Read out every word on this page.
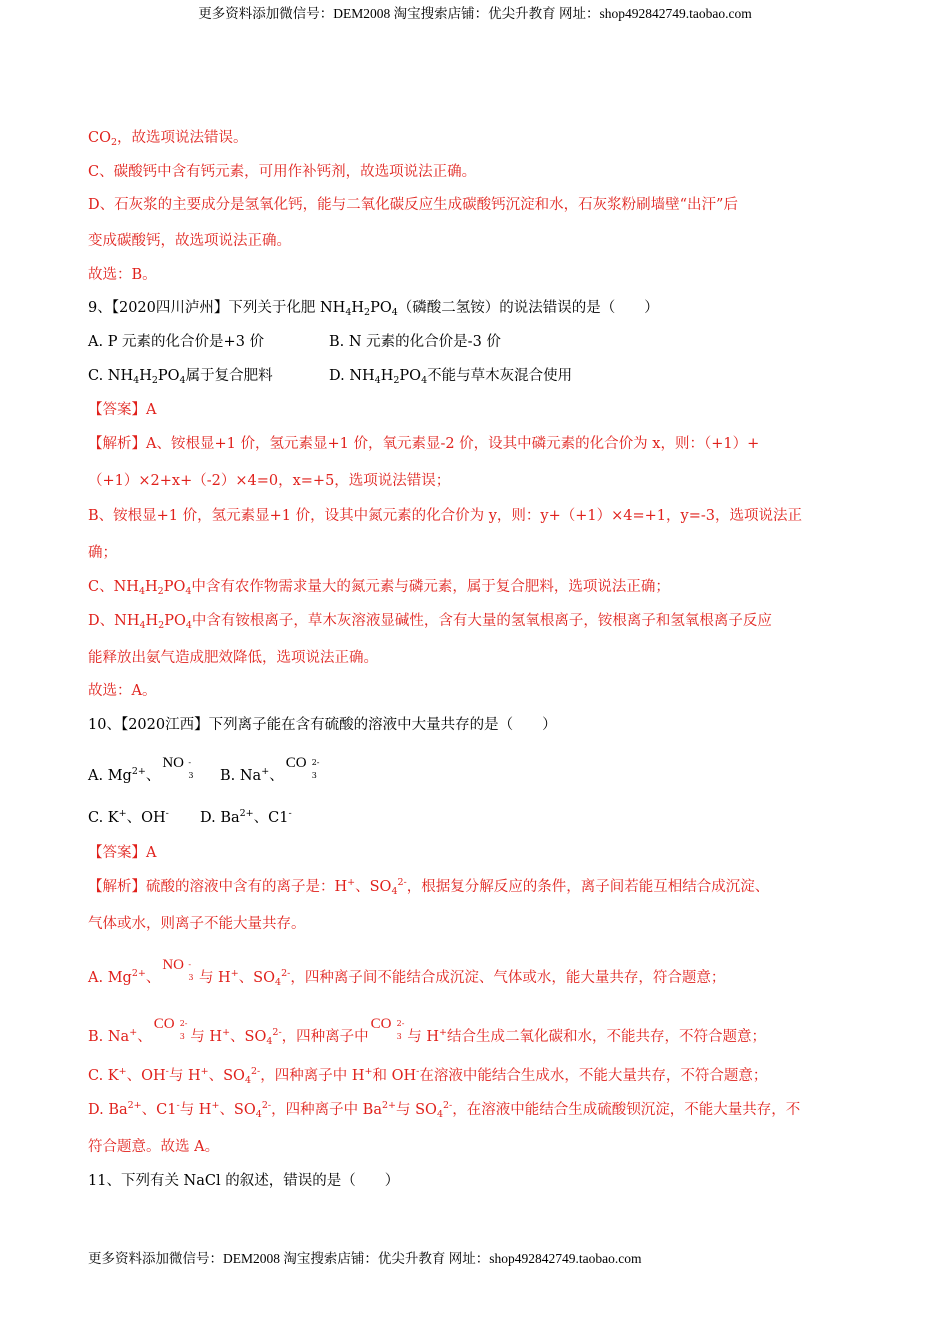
更多资料添加微信号：DEM2008 淘宝搜索店铺：优尖升教育 网址：shop492842749.taobao.com
$CO_2$，故选项说法错误。
C、碳酸钙中含有钙元素，可用作补钙剂，故选项说法正确。
D、石灰浆的主要成分是氢氧化钙，能与二氧化碳反应生成碳酸钙沉淀和水，石灰浆粉刷墙壁“出汗”后
变成碳酸钙，故选项说法正确。
故选：B。
9、【2020四川泸州】下列关于化肥 $NH_4H_2PO_4$（磷酸二氢铵）的说法错误的是（　　）
A. P 元素的化合价是+3 价	B. N 元素的化合价是-3 价
C. $NH_4H_2PO_4$属于复合肥料	D. $NH_4H_2PO_4$不能与草木灰混合使用
【答案】A
【解析】A、铵根显+1 价，氢元素显+1 价，氧元素显-2 价，设其中磷元素的化合价为 x，则：（+1）+
（+1）×2+x+（-2）×4=0，x=+5，选项说法错误；
B、铵根显+1 价，氢元素显+1 价，设其中氮元素的化合价为 y，则：y+（+1）×4=+1，y=-3，选项说法正
确；
C、$NH_4H_2PO_4$中含有农作物需求量大的氮元素与磷元素，属于复合肥料，选项说法正确；
D、$NH_4H_2PO_4$中含有铵根离子，草木灰溶液显碱性，含有大量的氢氧根离子，铵根离子和氢氧根离子反应
能释放出氨气造成肥效降低，选项说法正确。
故选：A。
10、【2020江西】下列离子能在含有硫酸的溶液中大量共存的是（　　）
A. $Mg^{2+}$、
NO -
3 B. Na+、
CO 2-
3
C. K+、OH- D. $Ba^{2+}$、C1-
【答案】A
【解析】硫酸的溶液中含有的离子是：H+、$SO_4^{2-}$，根据复分解反应的条件，离子间若能互相结合成沉淀、
气体或水，则离子不能大量共存。
A. $Mg^{2+}$、
NO -
3 与 H+、$SO_4^{2-}$，四种离子间不能结合成沉淀、气体或水，能大量共存，符合题意；
B. Na+、
CO 2-
3 与 H+、$SO_4^{2-}$，四种离子中
CO 2-
3 与 H+结合生成二氧化碳和水，不能共存，不符合题意；
C. K+、OH-与 H+、$SO_4^{2-}$，四种离子中 H+和 OH-在溶液中能结合生成水，不能大量共存，不符合题意；
D. $Ba^{2+}$、C1-与 H+、$SO_4^{2-}$，四种离子中 $Ba^{2+}$与 $SO_4^{2-}$，在溶液中能结合生成硫酸钡沉淀，不能大量共存，不
符合题意。故选 A。
11、下列有关 NaCl 的叙述，错误的是（　　）
更多资料添加微信号：DEM2008 淘宝搜索店铺：优尖升教育 网址：shop492842749.taobao.com
